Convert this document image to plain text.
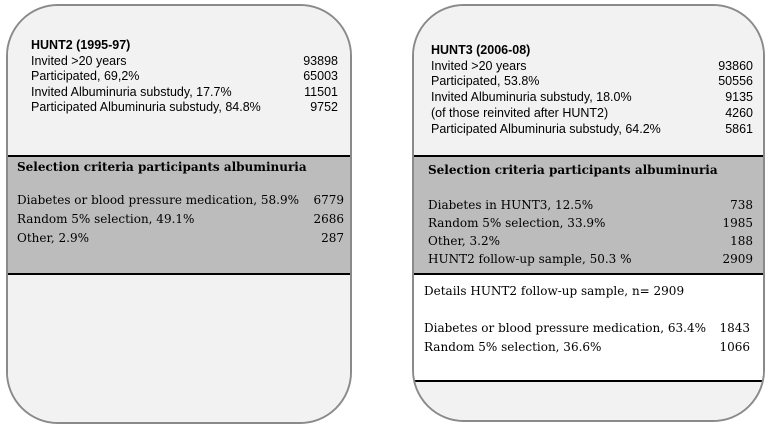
HUNT2 (1995-97)
Invited >20 years	93898
Participated, 69,2%	65003
Invited Albuminuria substudy, 17.7%	11501
Participated Albuminuria substudy, 84.8%	9752
Selection criteria participants albuminuria
Diabetes or blood pressure medication, 58.9% 6779
Random 5% selection, 49.1%	2686
Other, 2.9%	287
HUNT3 (2006-08)
Invited >20 years	93860
Participated, 53.8%	50556
Invited Albuminuria substudy, 18.0%	9135
(of those reinvited after HUNT2)	4260
Participated Albuminuria substudy, 64.2%	5861
Selection criteria participants albuminuria
Diabetes in HUNT3, 12.5%	738
Random 5% selection, 33.9%	1985
Other, 3.2%	188
HUNT2 follow-up sample, 50.3 %	2909
Details HUNT2 follow-up sample, n= 2909
Diabetes or blood pressure medication, 63.4% 1843
Random 5% selection, 36.6%	1066
